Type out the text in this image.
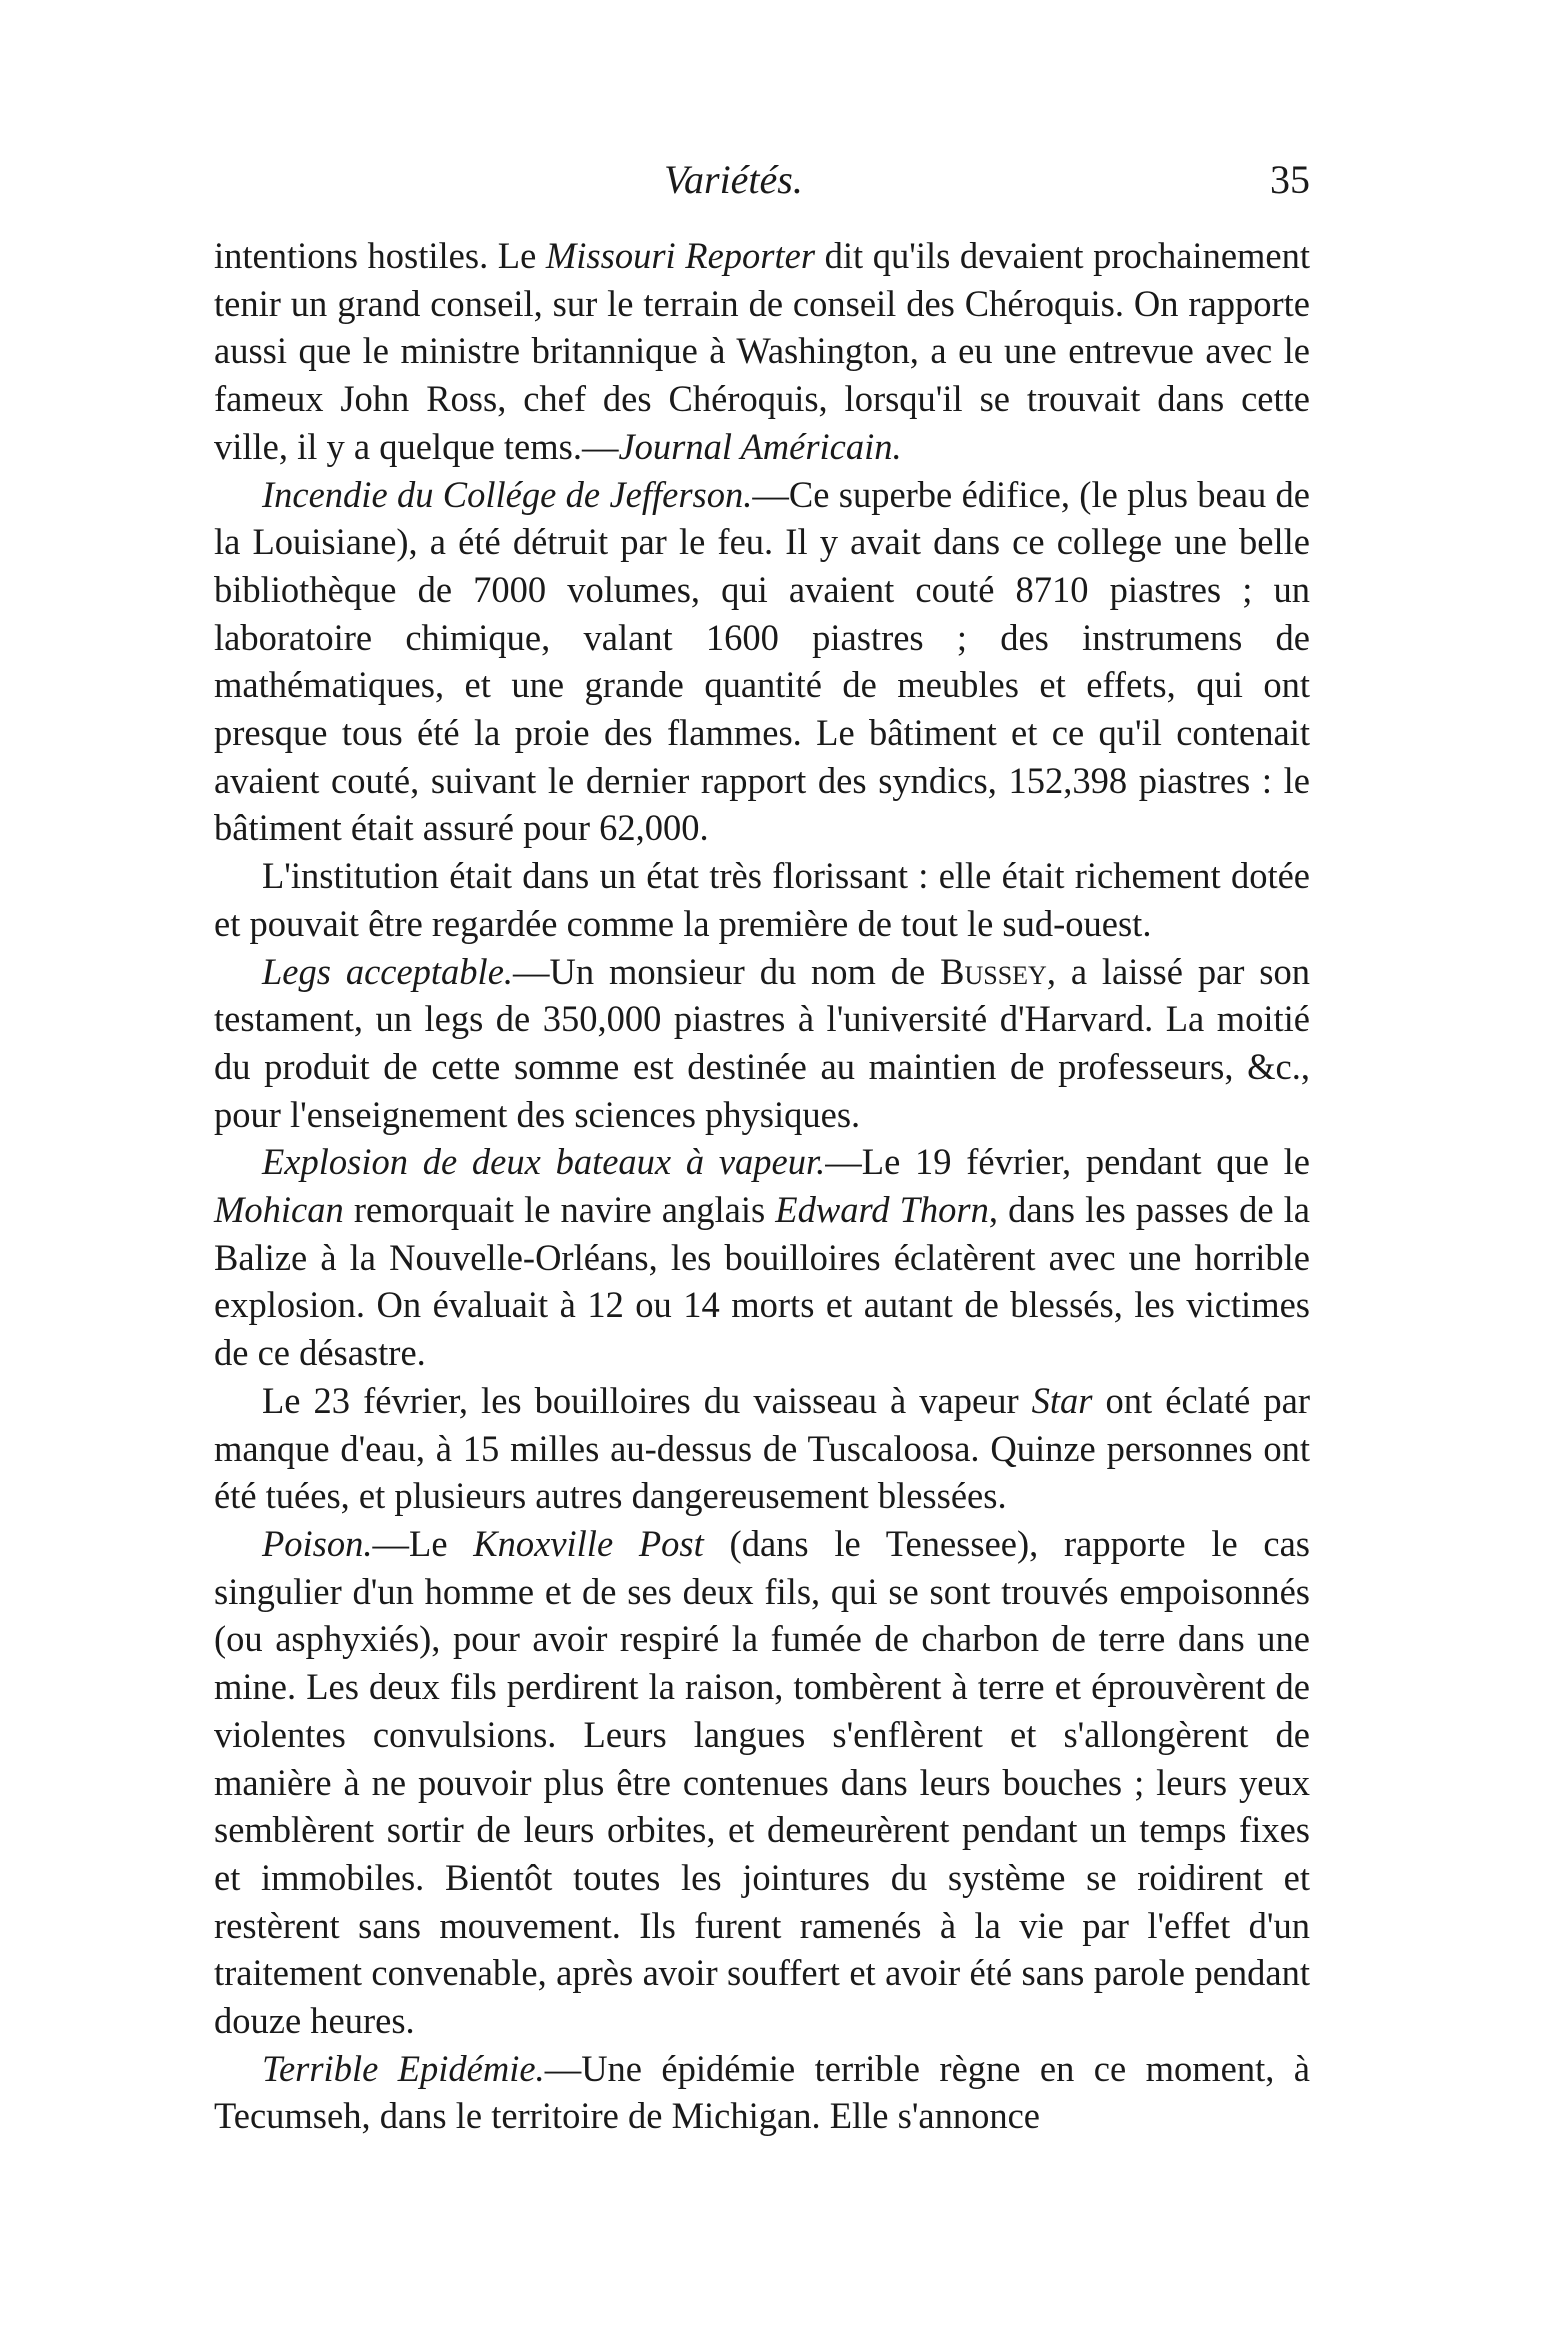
Variétés.	35

intentions hostiles. Le Missouri Reporter dit qu'ils devaient prochainement tenir un grand conseil, sur le terrain de conseil des Chéroquis. On rapporte aussi que le ministre britannique à Washington, a eu une entrevue avec le fameux John Ross, chef des Chéroquis, lorsqu'il se trouvait dans cette ville, il y a quelque tems.—Journal Américain.

Incendie du Collége de Jefferson.—Ce superbe édifice, (le plus beau de la Louisiane), a été détruit par le feu. Il y avait dans ce college une belle bibliothèque de 7000 volumes, qui avaient couté 8710 piastres ; un laboratoire chimique, valant 1600 piastres ; des instrumens de mathématiques, et une grande quantité de meubles et effets, qui ont presque tous été la proie des flammes. Le bâtiment et ce qu'il contenait avaient couté, suivant le dernier rapport des syndics, 152,398 piastres : le bâtiment était assuré pour 62,000.

L'institution était dans un état très florissant : elle était richement dotée et pouvait être regardée comme la première de tout le sud-ouest.

Legs acceptable.—Un monsieur du nom de Bussey, a laissé par son testament, un legs de 350,000 piastres à l'université d'Harvard. La moitié du produit de cette somme est destinée au maintien de professeurs, &c., pour l'enseignement des sciences physiques.

Explosion de deux bateaux à vapeur.—Le 19 février, pendant que le Mohican remorquait le navire anglais Edward Thorn, dans les passes de la Balize à la Nouvelle-Orléans, les bouilloires éclatèrent avec une horrible explosion. On évaluait à 12 ou 14 morts et autant de blessés, les victimes de ce désastre.

Le 23 février, les bouilloires du vaisseau à vapeur Star ont éclaté par manque d'eau, à 15 milles au-dessus de Tuscaloosa. Quinze personnes ont été tuées, et plusieurs autres dangereusement blessées.

Poison.—Le Knoxville Post (dans le Tenessee), rapporte le cas singulier d'un homme et de ses deux fils, qui se sont trouvés empoisonnés (ou asphyxiés), pour avoir respiré la fumée de charbon de terre dans une mine. Les deux fils perdirent la raison, tombèrent à terre et éprouvèrent de violentes convulsions. Leurs langues s'enflèrent et s'allongèrent de manière à ne pouvoir plus être contenues dans leurs bouches ; leurs yeux semblèrent sortir de leurs orbites, et demeurèrent pendant un temps fixes et immobiles. Bientôt toutes les jointures du système se roidirent et restèrent sans mouvement. Ils furent ramenés à la vie par l'effet d'un traitement convenable, après avoir souffert et avoir été sans parole pendant douze heures.

Terrible Epidémie.—Une épidémie terrible règne en ce moment, à Tecumseh, dans le territoire de Michigan. Elle s'annonce
